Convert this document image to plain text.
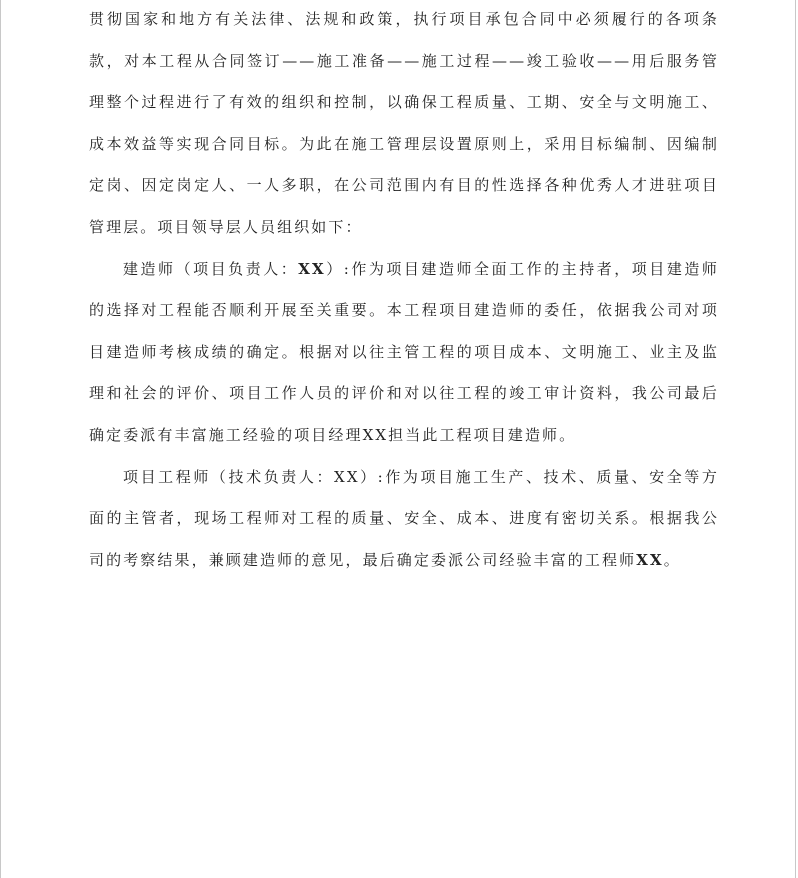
贯彻国家和地方有关法律、法规和政策，执行项目承包合同中必须履行的各项条款，对本工程从合同签订——施工准备——施工过程——竣工验收——用后服务管理整个过程进行了有效的组织和控制，以确保工程质量、工期、安全与文明施工、成本效益等实现合同目标。为此在施工管理层设置原则上，采用目标编制、因编制定岗、因定岗定人、一人多职，在公司范围内有目的性选择各种优秀人才进驻项目管理层。项目领导层人员组织如下：

建造师（项目负责人：XX）:作为项目建造师全面工作的主持者，项目建造师的选择对工程能否顺利开展至关重要。本工程项目建造师的委任，依据我公司对项目建造师考核成绩的确定。根据对以往主管工程的项目成本、文明施工、业主及监理和社会的评价、项目工作人员的评价和对以往工程的竣工审计资料，我公司最后确定委派有丰富施工经验的项目经理XX担当此工程项目建造师。

项目工程师（技术负责人：XX）:作为项目施工生产、技术、质量、安全等方面的主管者，现场工程师对工程的质量、安全、成本、进度有密切关系。根据我公司的考察结果，兼顾建造师的意见，最后确定委派公司经验丰富的工程师XX。
